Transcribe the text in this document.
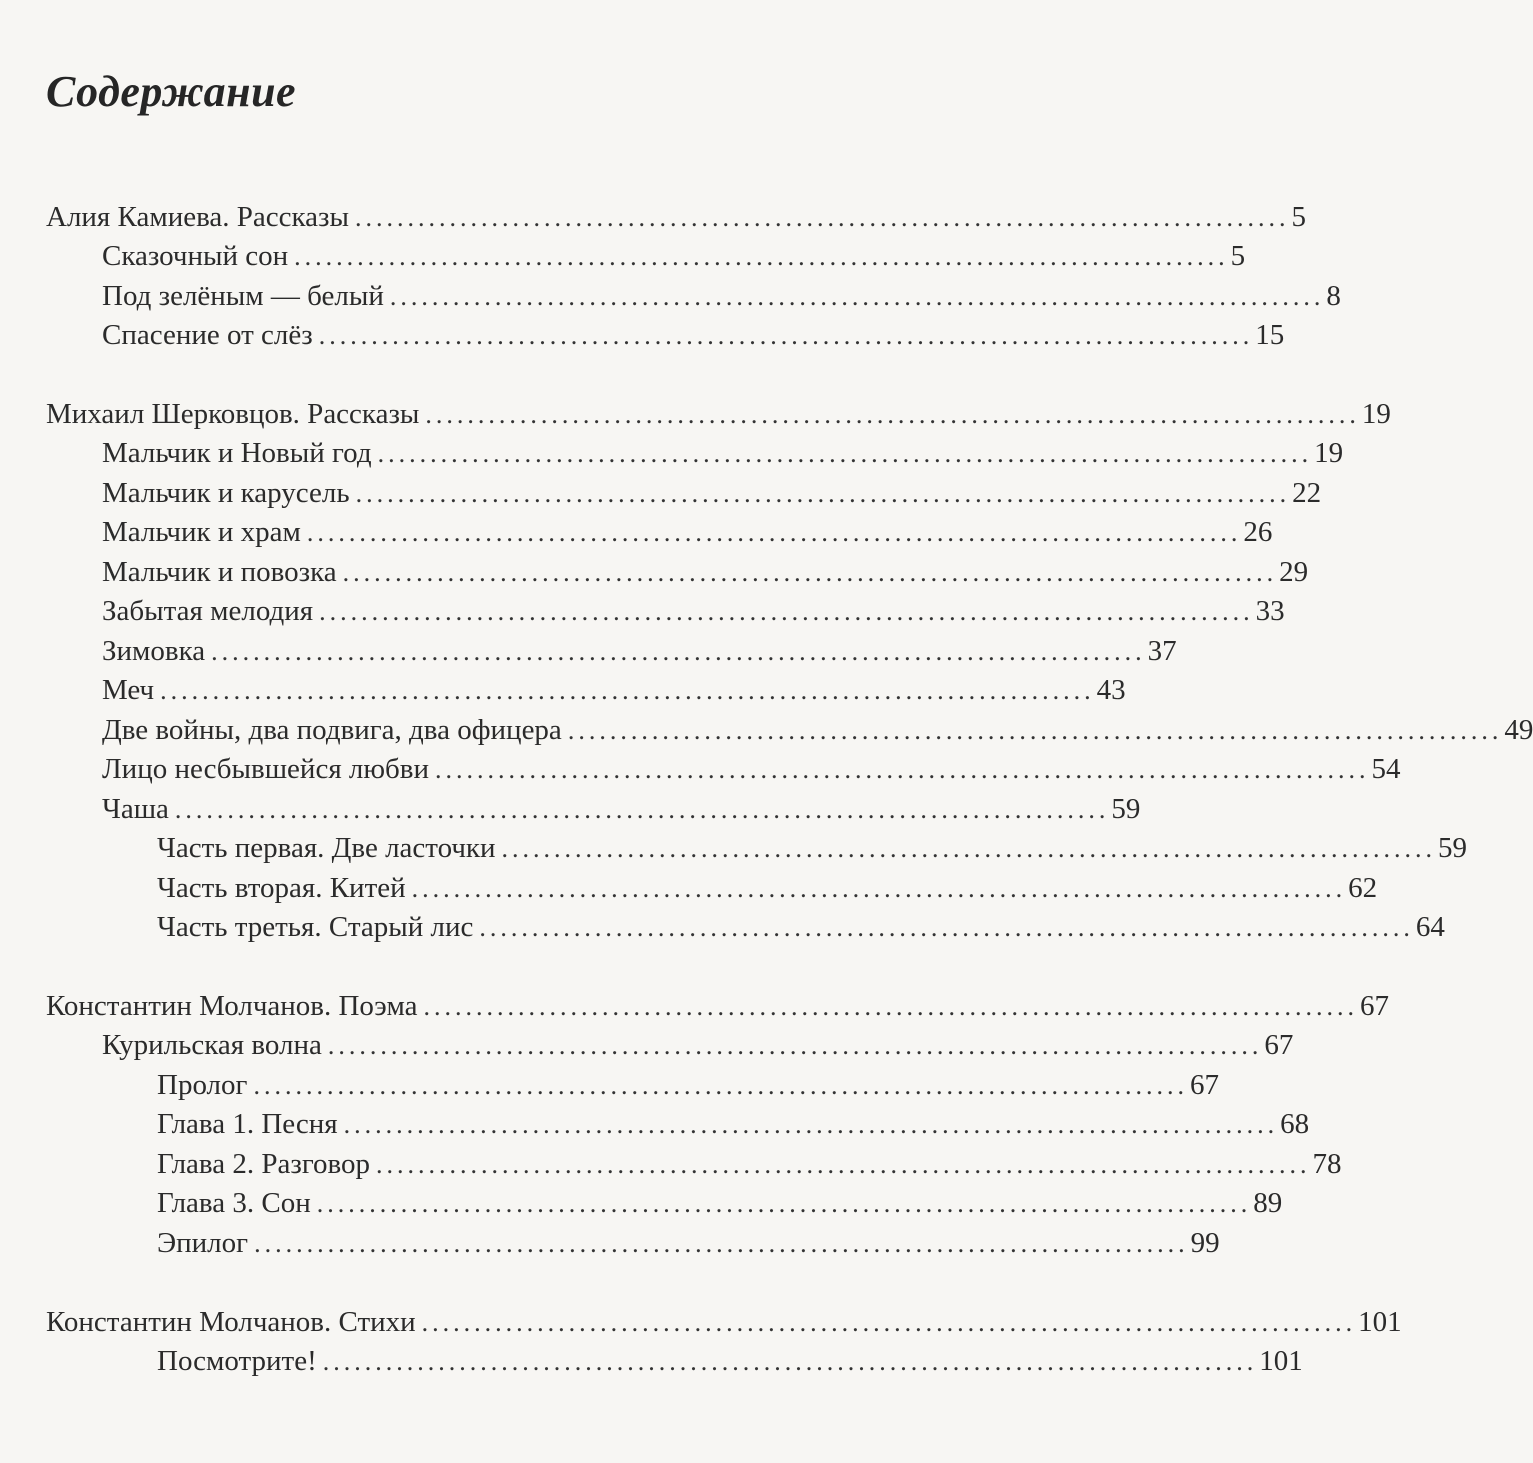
Содержание
Алия Камиева. Рассказы ......................................................................................... 5
Сказочный сон ......................................................................................... 5
Под зелёным — белый ......................................................................................... 8
Спасение от слёз ......................................................................................... 15
Михаил Шерковцов. Рассказы ......................................................................................... 19
Мальчик и Новый год ......................................................................................... 19
Мальчик и карусель ......................................................................................... 22
Мальчик и храм ......................................................................................... 26
Мальчик и повозка ......................................................................................... 29
Забытая мелодия ......................................................................................... 33
Зимовка ......................................................................................... 37
Меч ......................................................................................... 43
Две войны, два подвига, два офицера ......................................................................................... 49
Лицо несбывшейся любви ......................................................................................... 54
Чаша ......................................................................................... 59
Часть первая. Две ласточки ......................................................................................... 59
Часть вторая. Китей ......................................................................................... 62
Часть третья. Старый лис ......................................................................................... 64
Константин Молчанов. Поэма ......................................................................................... 67
Курильская волна ......................................................................................... 67
Пролог ......................................................................................... 67
Глава 1. Песня ......................................................................................... 68
Глава 2. Разговор ......................................................................................... 78
Глава 3. Сон ......................................................................................... 89
Эпилог ......................................................................................... 99
Константин Молчанов. Стихи ......................................................................................... 101
Посмотрите! ......................................................................................... 101
